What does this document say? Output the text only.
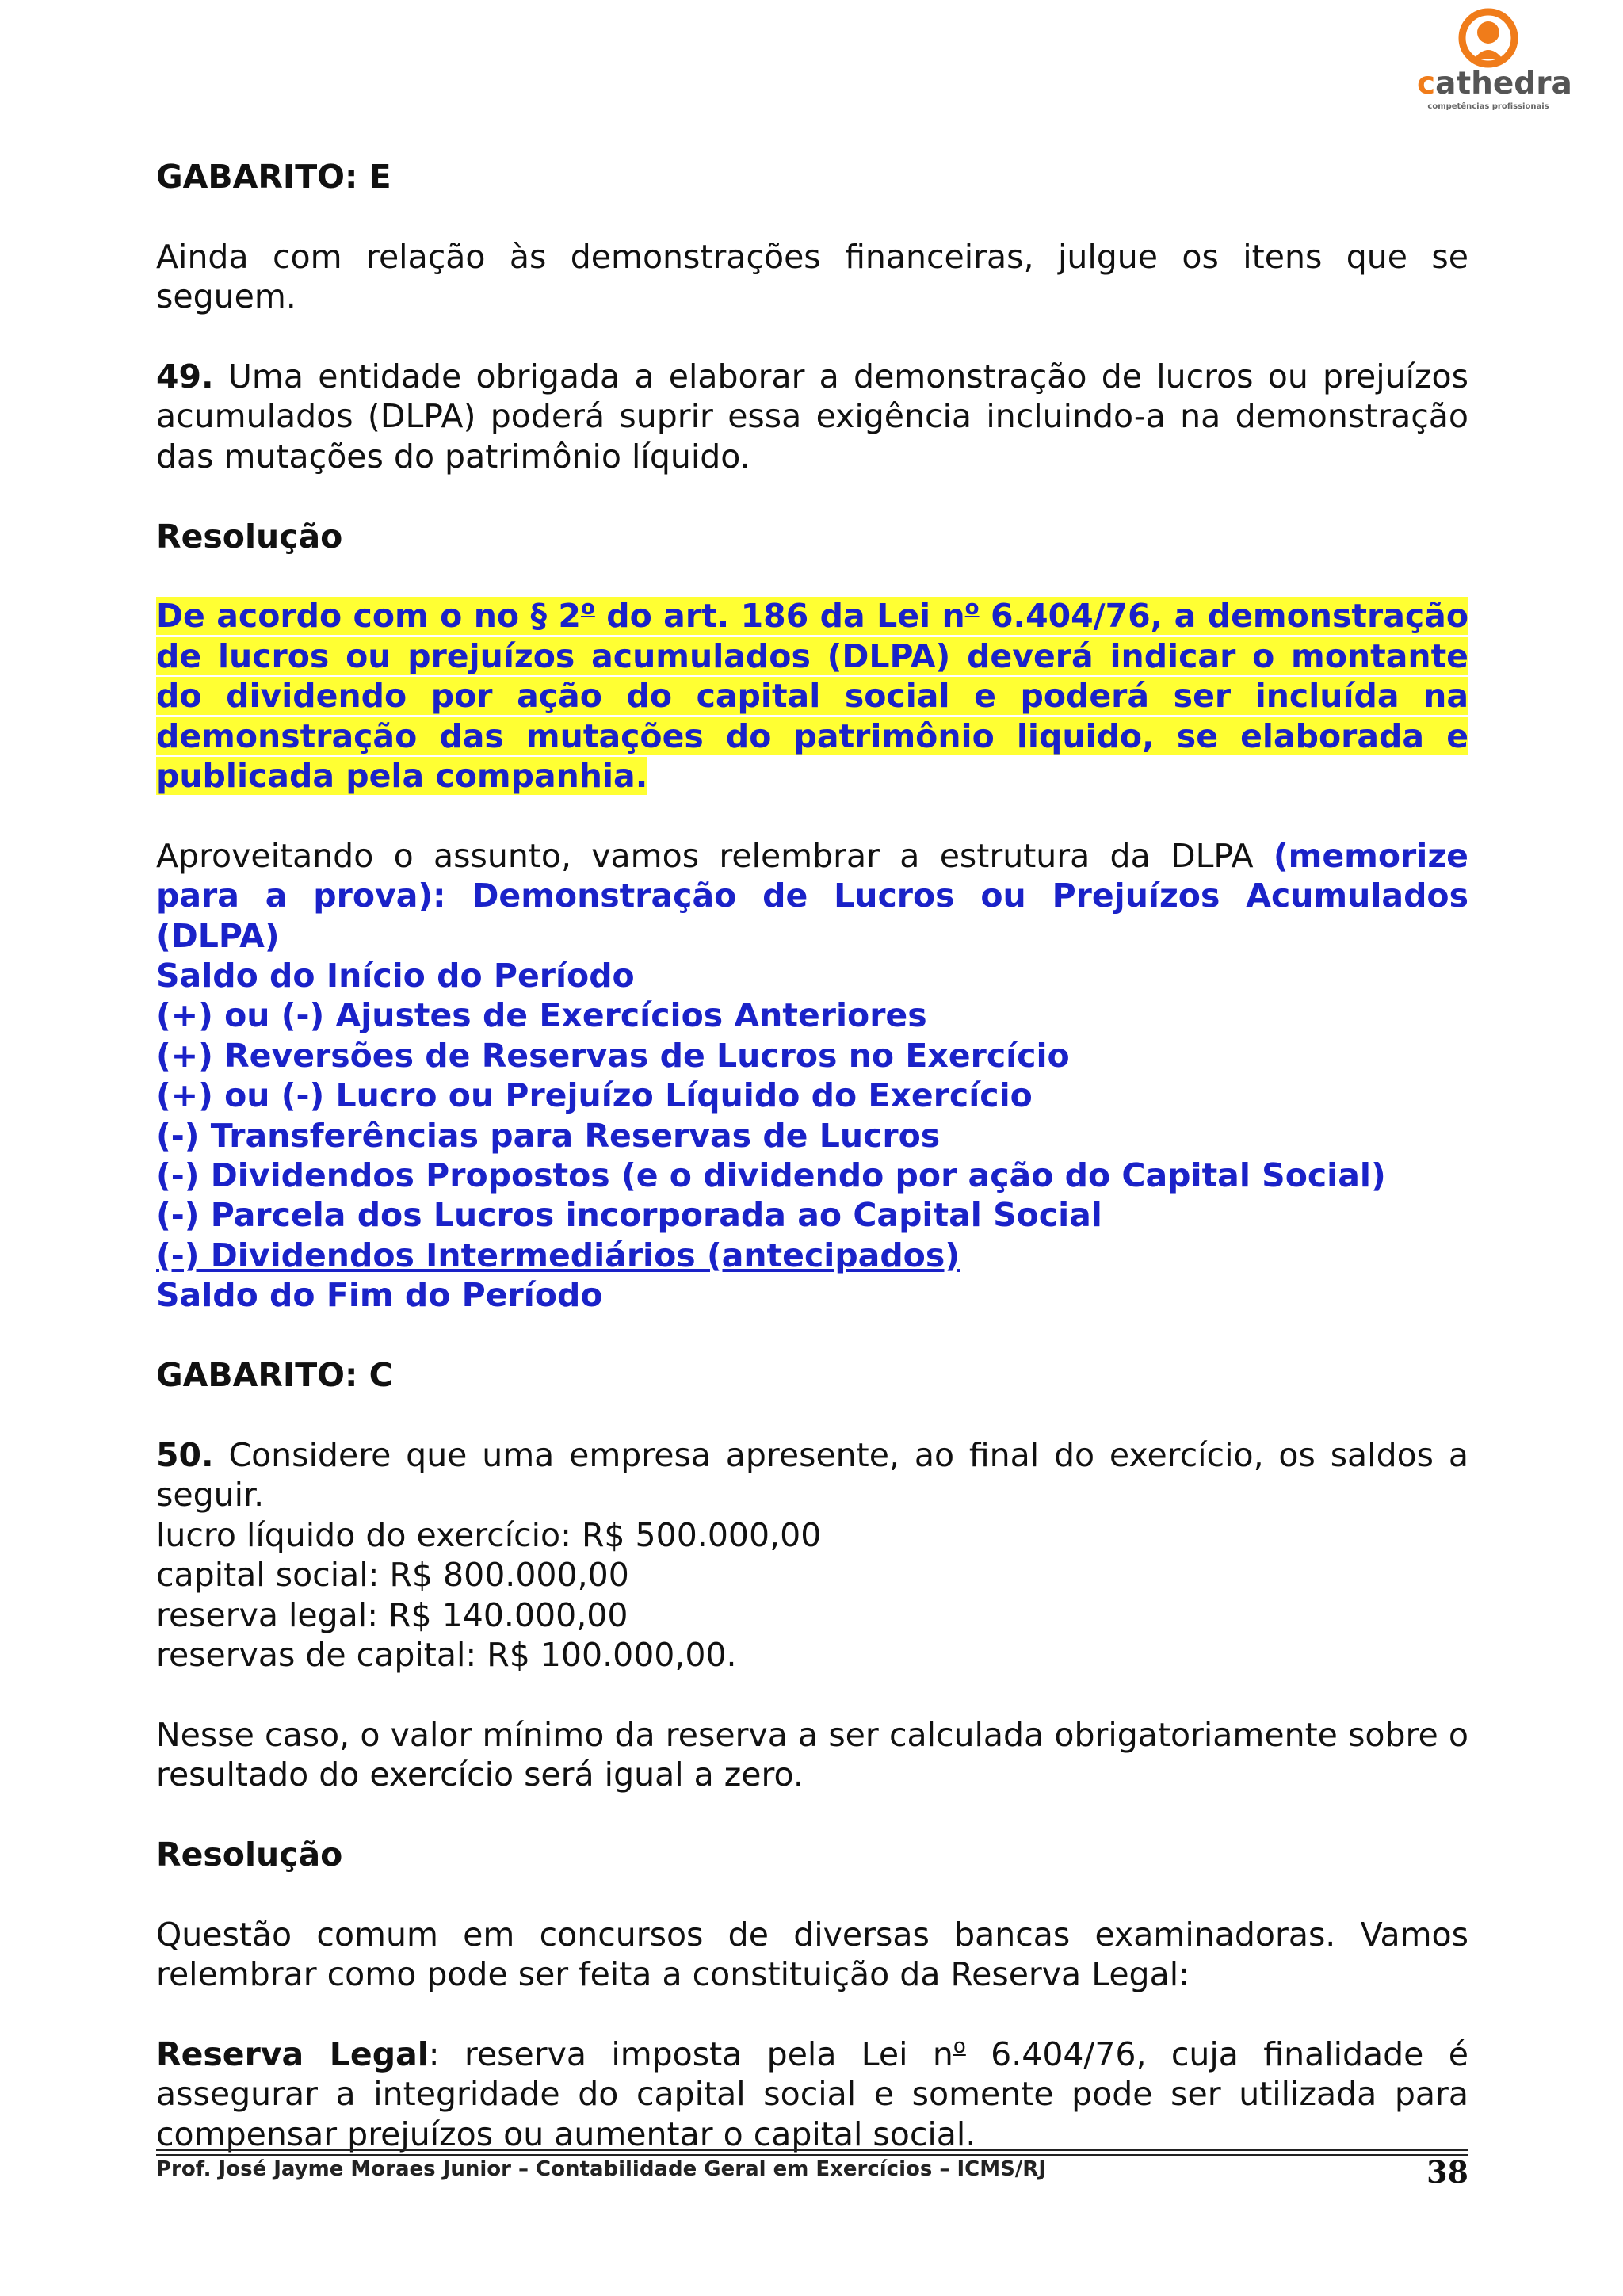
cathedra
competências profissionais

GABARITO: E

Ainda com relação às demonstrações financeiras, julgue os itens que se seguem.

49. Uma entidade obrigada a elaborar a demonstração de lucros ou prejuízos acumulados (DLPA) poderá suprir essa exigência incluindo-a na demonstração das mutações do patrimônio líquido.

Resolução

De acordo com o no § 2$^o$ do art. 186 da Lei $n^o$ 6.404/76, a demonstração de lucros ou prejuízos acumulados (DLPA) deverá indicar o montante do dividendo por ação do capital social e poderá ser incluída na demonstração das mutações do patrimônio liquido, se elaborada e publicada pela companhia.

Aproveitando o assunto, vamos relembrar a estrutura da DLPA (memorize para a prova): Demonstração de Lucros ou Prejuízos Acumulados (DLPA)

Saldo do Início do Período

(+) ou (-) Ajustes de Exercícios Anteriores

(+) Reversões de Reservas de Lucros no Exercício

(+) ou (-) Lucro ou Prejuízo Líquido do Exercício

(-) Transferências para Reservas de Lucros

(-) Dividendos Propostos (e o dividendo por ação do Capital Social)

(-) Parcela dos Lucros incorporada ao Capital Social

(-) Dividendos Intermediários (antecipados)

Saldo do Fim do Período

GABARITO: C

50. Considere que uma empresa apresente, ao final do exercício, os saldos a seguir.

lucro líquido do exercício: R$ 500.000,00

capital social: R$ 800.000,00

reserva legal: R$ 140.000,00

reservas de capital: R$ 100.000,00.

Nesse caso, o valor mínimo da reserva a ser calculada obrigatoriamente sobre o resultado do exercício será igual a zero.

Resolução

Questão comum em concursos de diversas bancas examinadoras. Vamos relembrar como pode ser feita a constituição da Reserva Legal:

Reserva Legal: reserva imposta pela Lei $n^o$ 6.404/76, cuja finalidade é assegurar a integridade do capital social e somente pode ser utilizada para compensar prejuízos ou aumentar o capital social.

Prof. José Jayme Moraes Junior – Contabilidade Geral em Exercícios – ICMS/RJ	38
